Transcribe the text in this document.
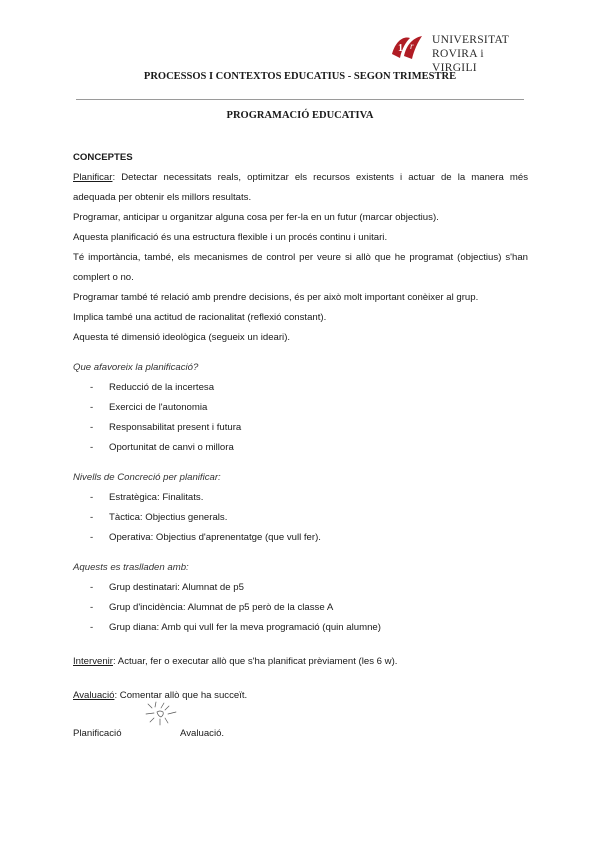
1 r UNIVERSITAT
ROVIRA i VIRGILI
PROCESSOS I CONTEXTOS EDUCATIUS - SEGON TRIMESTRE
PROGRAMACIÓ EDUCATIVA

CONCEPTES

Planificar: Detectar necessitats reals, optimitzar els recursos existents i actuar de la manera més adequada per obtenir els millors resultats.

Programar, anticipar u organitzar alguna cosa per fer-la en un futur (marcar objectius).

Aquesta planificació és una estructura flexible i un procés continu i unitari.

Té importància, també, els mecanismes de control per veure si allò que he programat (objectius) s'han complert o no.

Programar també té relació amb prendre decisions, és per això molt important conèixer al grup.

Implica també una actitud de racionalitat (reflexió constant).

Aquesta té dimensió ideològica (segueix un ideari).

Que afavoreix la planificació?

- Reducció de la incertesa
- Exercici de l'autonomia
- Responsabilitat present i futura
- Oportunitat de canvi o millora

Nivells de Concreció per planificar:

- Estratègica: Finalitats.
- Tàctica: Objectius generals.
- Operativa: Objectius d'aprenentatge (que vull fer).

Aquests es traslladen amb:

- Grup destinatari: Alumnat de p5
- Grup d'incidència: Alumnat de p5 però de la classe A
- Grup diana: Amb qui vull fer la meva programació (quin alumne)

Intervenir: Actuar, fer o executar allò que s'ha planificat prèviament (les 6 w).

Avaluació: Comentar allò que ha succeït.

Planificació	Avaluació.
